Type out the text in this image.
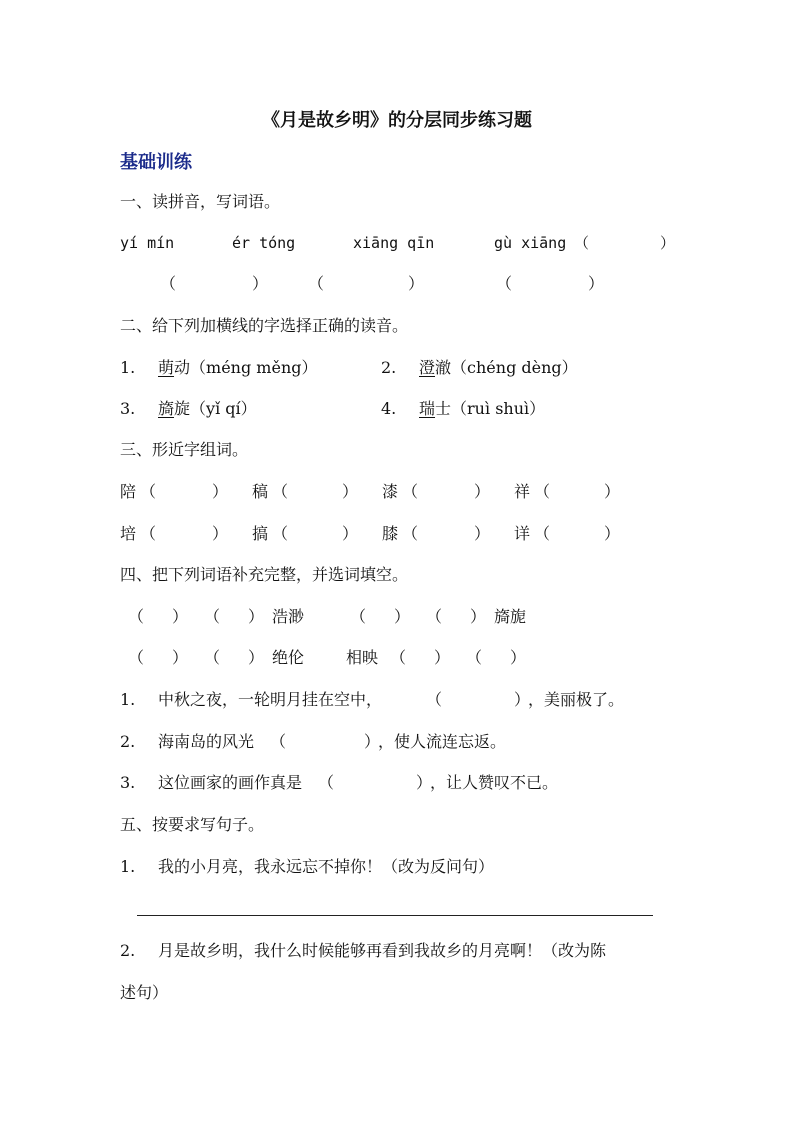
《月是故乡明》的分层同步练习题
基础训练
一、读拼音，写词语。
yí mín	ér tóng	xiāng qīn	gù xiāng （	）
（	） （	）	（	）
二、给下列加横线的字选择正确的读音。
1. 萌动（méng měng）	2. 澄澈（chéng dèng）
3. 旖旋（yǐ qí）	4. 瑞士（ruì shuì）
三、形近字组词。
陪 （	） 稿 （	） 漆 （	） 祥 （	）
培 （	） 搞 （	） 膝 （	） 详 （	）
四、把下列词语补充完整，并选词填空。
（ ） （ ） 浩渺	（ ） （ ） 旖旎
（ ） （ ） 绝伦	相映 （ ） （ ）
1. 中秋之夜，一轮明月挂在空中，	（	）
，美丽极了。
2. 海南岛的风光 （	）
，使人流连忘返。
3. 这位画家的画作真是 （	）
，让人赞叹不已。
五、按要求写句子。
1. 我的小月亮，我永远忘不掉你！（改为反问句）
2. 月是故乡明，我什么时候能够再看到我故乡的月亮啊！（改为陈
述句）
